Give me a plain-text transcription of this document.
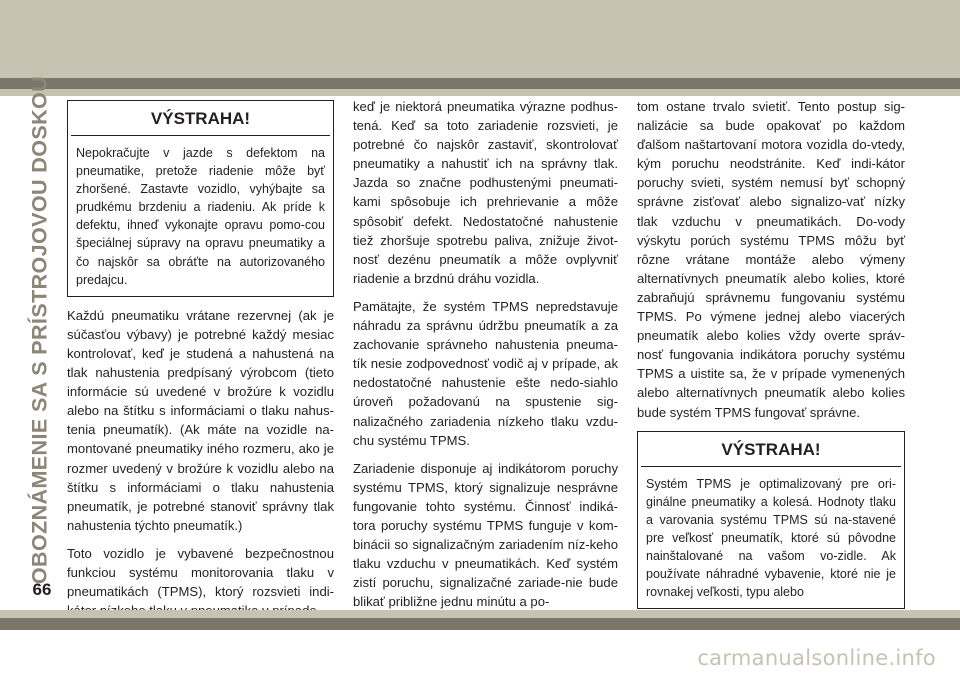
OBOZNÁMENIE SA S PRÍSTROJOVOU DOSKOU
66
VÝSTRAHA!
Nepokračujte v jazde s defektom na pneumatike, pretože riadenie môže byť zhoršené. Zastavte vozidlo, vyhýbajte sa prudkému brzdeniu a riadeniu. Ak príde k defektu, ihneď vykonajte opravu pomo-cou špeciálnej súpravy na opravu pneumatiky a čo najskôr sa obráťte na autorizovaného predajcu.

Každú pneumatiku vrátane rezervnej (ak je súčasťou výbavy) je potrebné každý mesiac kontrolovať, keď je studená a nahustená na tlak nahustenia predpísaný výrobcom (tieto informácie sú uvedené v brožúre k vozidlu alebo na štítku s informáciami o tlaku nahus-tenia pneumatík). (Ak máte na vozidle na-montované pneumatiky iného rozmeru, ako je rozmer uvedený v brožúre k vozidlu alebo na štítku s informáciami o tlaku nahustenia pneumatík, je potrebné stanoviť správny tlak nahustenia týchto pneumatík.)

Toto vozidlo je vybavené bezpečnostnou funkciou systému monitorovania tlaku v pneumatikách (TPMS), ktorý rozsvieti indi-

keď je niektorá pneumatika výrazne podhus-tená. Keď sa toto zariadenie rozsvieti, je potrebné čo najskôr zastaviť, skontrolovať pneumatiky a nahustiť ich na správny tlak. Jazda so značne podhustenými pneumati-kami spôsobuje ich prehrievanie a môže spôsobiť defekt. Nedostatočné nahustenie tiež zhoršuje spotrebu paliva, znižuje život-nosť dezénu pneumatík a môže ovplyvniť riadenie a brzdnú dráhu vozidla.

Pamätajte, že systém TPMS nepredstavuje náhradu za správnu údržbu pneumatík a za zachovanie správneho nahustenia pneuma-tík nesie zodpovednosť vodič aj v prípade, ak nedostatočné nahustenie ešte nedo-siahlo úroveň požadovanú na spustenie sig-nalizačného zariadenia nízkeho tlaku vzdu-chu systému TPMS.

Zariadenie disponuje aj indikátorom poruchy systému TPMS, ktorý signalizuje nesprávne fungovanie tohto systému. Činnosť indiká-tora poruchy systému TPMS funguje v kom-binácii so signalizačným zariadením níz-keho tlaku vzduchu v pneumatikách. Keď systém zistí poruchu, signalizačné zariade-nie bude blikať približne jednu minútu a po-

tom ostane trvalo svietiť. Tento postup sig-nalizácie sa bude opakovať po každom ďalšom naštartovaní motora vozidla do-vtedy, kým poruchu neodstránite. Keď indi-kátor poruchy svieti, systém nemusí byť schopný správne zisťovať alebo signalizo-vať nízky tlak vzduchu v pneumatikách. Do-vody výskytu porúch systému TPMS môžu byť rôzne vrátane montáže alebo výmeny alternatívnych pneumatík alebo kolies, ktoré zabraňujú správnemu fungovaniu systému TPMS. Po výmene jednej alebo viacerých pneumatík alebo kolies vždy overte správ-nosť fungovania indikátora poruchy systému TPMS a uistite sa, že v prípade vymenených alebo alternatívnych pneumatík alebo kolies bude systém TPMS fungovať správne.

VÝSTRAHA!
Systém TPMS je optimalizovaný pre ori-ginálne pneumatiky a kolesá. Hodnoty tlaku a varovania systému TPMS sú na-stavené pre veľkosť pneumatík, ktoré sú pôvodne nainštalované na vašom vo-zidle. Ak používate náhradné vybavenie, ktoré nie je rovnakej veľkosti, typu alebo
carmanualsonline.info
